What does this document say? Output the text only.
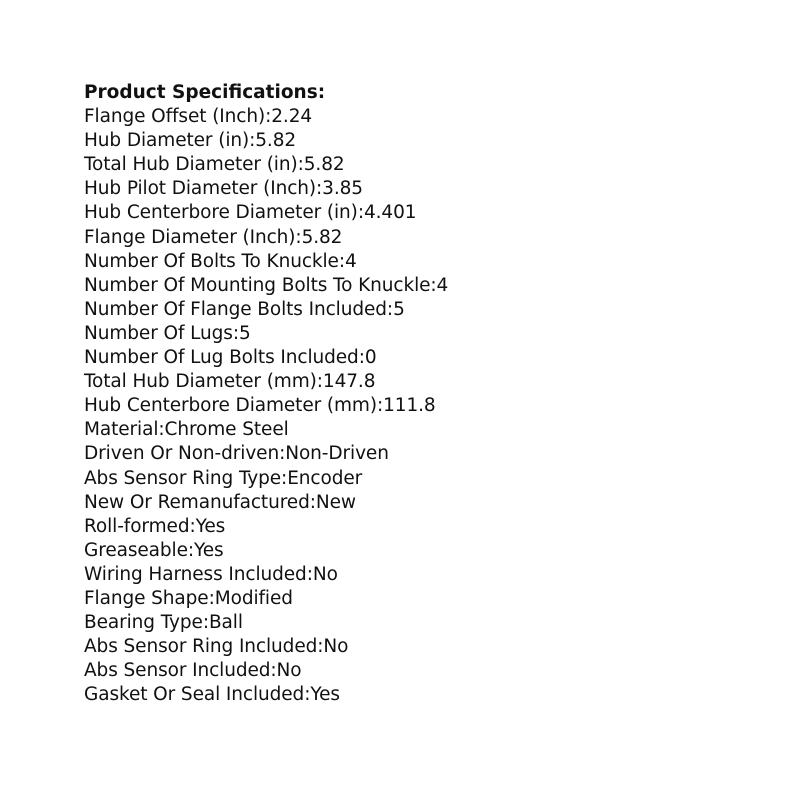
Product Specifications:
Flange Offset (Inch):2.24
Hub Diameter (in):5.82
Total Hub Diameter (in):5.82
Hub Pilot Diameter (Inch):3.85
Hub Centerbore Diameter (in):4.401
Flange Diameter (Inch):5.82
Number Of Bolts To Knuckle:4
Number Of Mounting Bolts To Knuckle:4
Number Of Flange Bolts Included:5
Number Of Lugs:5
Number Of Lug Bolts Included:0
Total Hub Diameter (mm):147.8
Hub Centerbore Diameter (mm):111.8
Material:Chrome Steel
Driven Or Non-driven:Non-Driven
Abs Sensor Ring Type:Encoder
New Or Remanufactured:New
Roll-formed:Yes
Greaseable:Yes
Wiring Harness Included:No
Flange Shape:Modified
Bearing Type:Ball
Abs Sensor Ring Included:No
Abs Sensor Included:No
Gasket Or Seal Included:Yes
